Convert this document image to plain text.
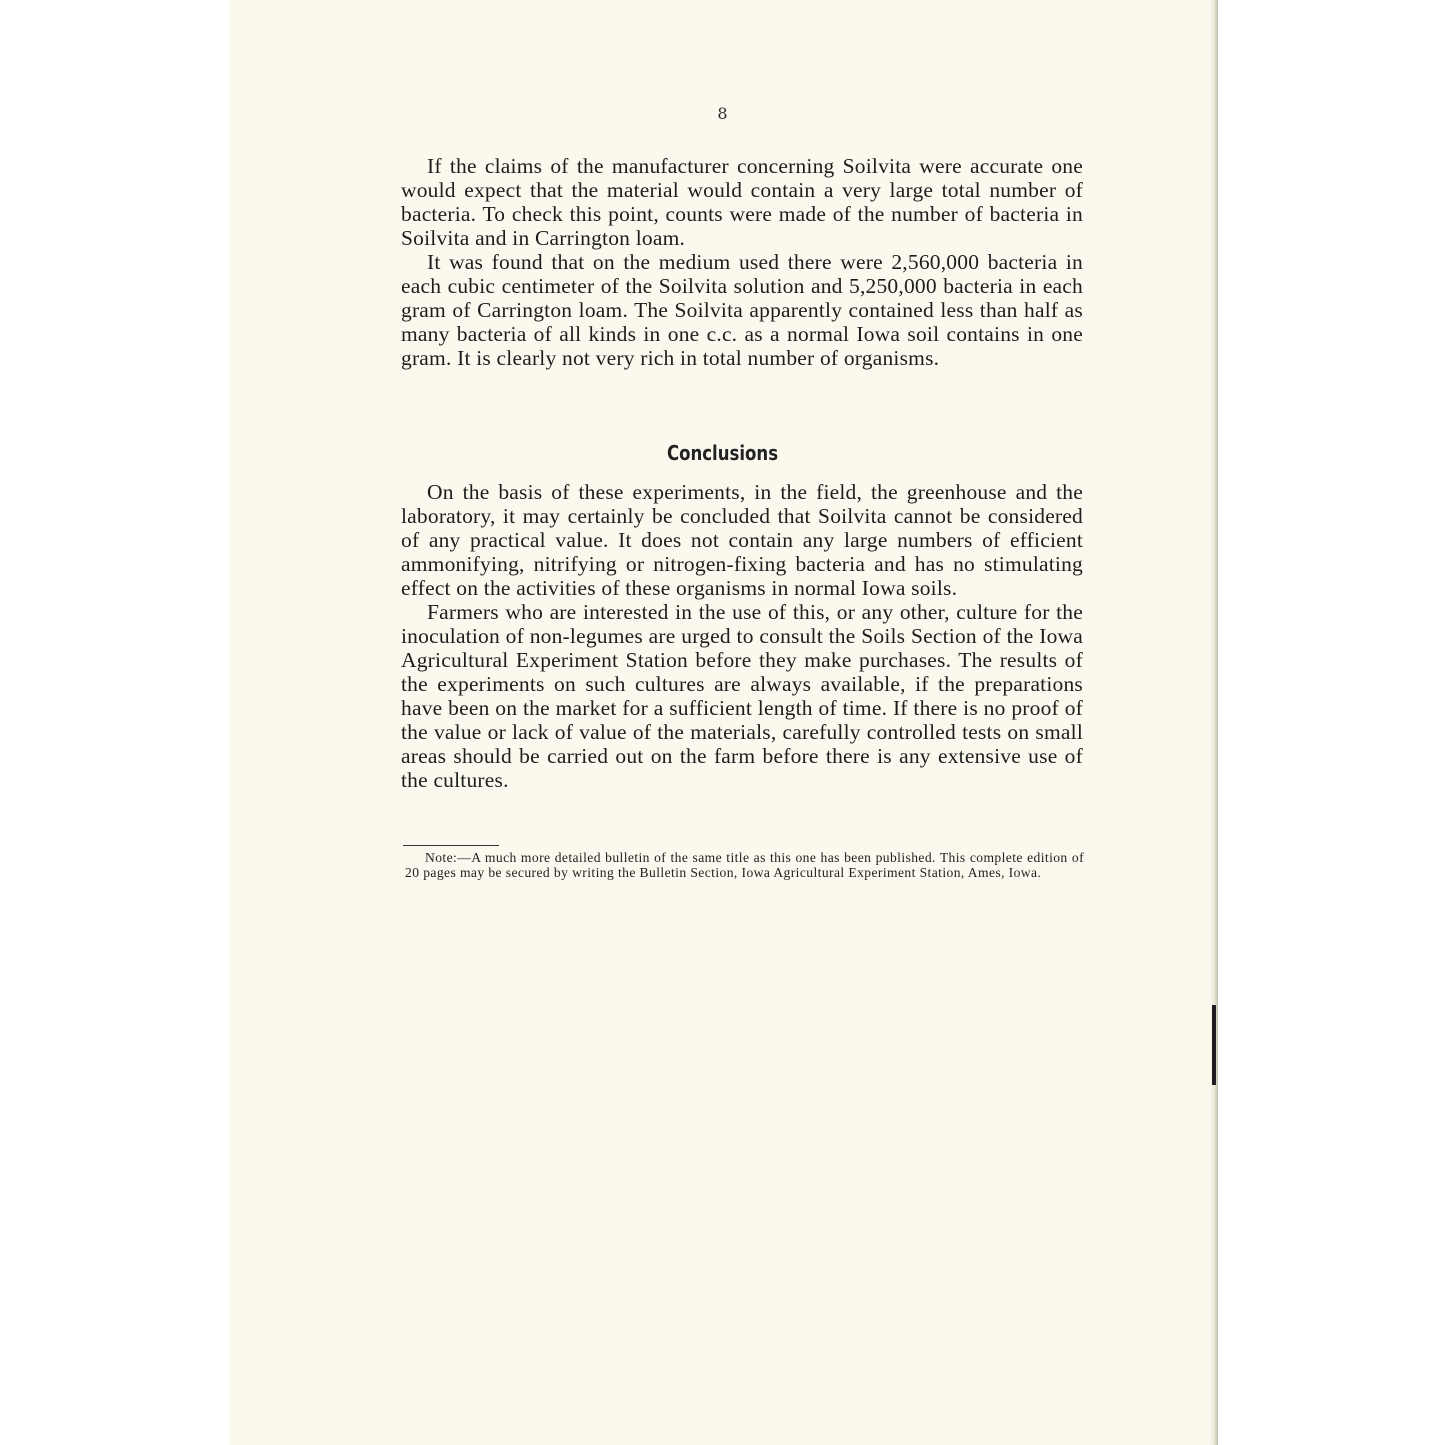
8

If the claims of the manufacturer concerning Soilvita were accurate one would expect that the material would contain a very large total number of bacteria. To check this point, counts were made of the number of bacteria in Soilvita and in Carrington loam.

It was found that on the medium used there were 2,560,000 bacteria in each cubic centimeter of the Soilvita solution and 5,250,000 bacteria in each gram of Carrington loam. The Soilvita apparently contained less than half as many bacteria of all kinds in one c.c. as a normal Iowa soil contains in one gram. It is clearly not very rich in total number of organisms.

Conclusions

On the basis of these experiments, in the field, the greenhouse and the laboratory, it may certainly be concluded that Soilvita cannot be considered of any practical value. It does not contain any large numbers of efficient ammonifying, nitrifying or nitrogen-fixing bacteria and has no stimulating effect on the activities of these organisms in normal Iowa soils.

Farmers who are interested in the use of this, or any other, culture for the inoculation of non-legumes are urged to consult the Soils Section of the Iowa Agricultural Experiment Station before they make purchases. The results of the experiments on such cultures are always available, if the preparations have been on the market for a sufficient length of time. If there is no proof of the value or lack of value of the materials, carefully controlled tests on small areas should be carried out on the farm before there is any extensive use of the cultures.

Note:—A much more detailed bulletin of the same title as this one has been published. This complete edition of 20 pages may be secured by writing the Bulletin Section, Iowa Agricultural Experiment Station, Ames, Iowa.
